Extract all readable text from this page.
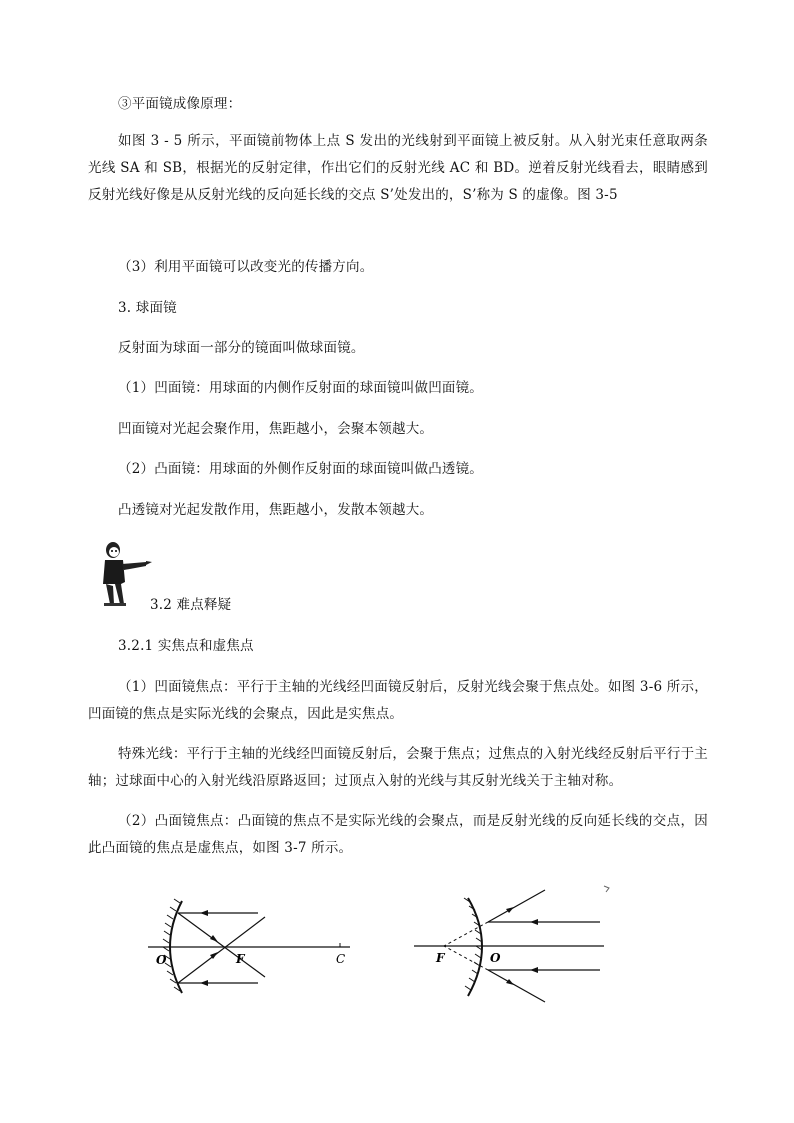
③平面镜成像原理：
如图 3 - 5 所示，平面镜前物体上点 S 发出的光线射到平面镜上被反射。从入射光束任意取两条光线 SA 和 SB，根据光的反射定律，作出它们的反射光线 AC 和 BD。逆着反射光线看去，眼睛感到反射光线好像是从反射光线的反向延长线的交点 S’处发出的，S’称为 S 的虚像。图 3-5
（3）利用平面镜可以改变光的传播方向。
3. 球面镜
反射面为球面一部分的镜面叫做球面镜。
（1）凹面镜：用球面的内侧作反射面的球面镜叫做凹面镜。
凹面镜对光起会聚作用，焦距越小，会聚本领越大。
（2）凸面镜：用球面的外侧作反射面的球面镜叫做凸透镜。
凸透镜对光起发散作用，焦距越小，发散本领越大。
3.2 难点释疑
3.2.1 实焦点和虚焦点
（1）凹面镜焦点：平行于主轴的光线经凹面镜反射后，反射光线会聚于焦点处。如图 3-6 所示，凹面镜的焦点是实际光线的会聚点，因此是实焦点。
特殊光线：平行于主轴的光线经凹面镜反射后，会聚于焦点；过焦点的入射光线经反射后平行于主轴；过球面中心的入射光线沿原路返回；过顶点入射的光线与其反射光线关于主轴对称。
（2）凸面镜焦点：凸面镜的焦点不是实际光线的会聚点，而是反射光线的反向延长线的交点，因此凸面镜的焦点是虚焦点，如图 3-7 所示。
O	F	C	F	O
